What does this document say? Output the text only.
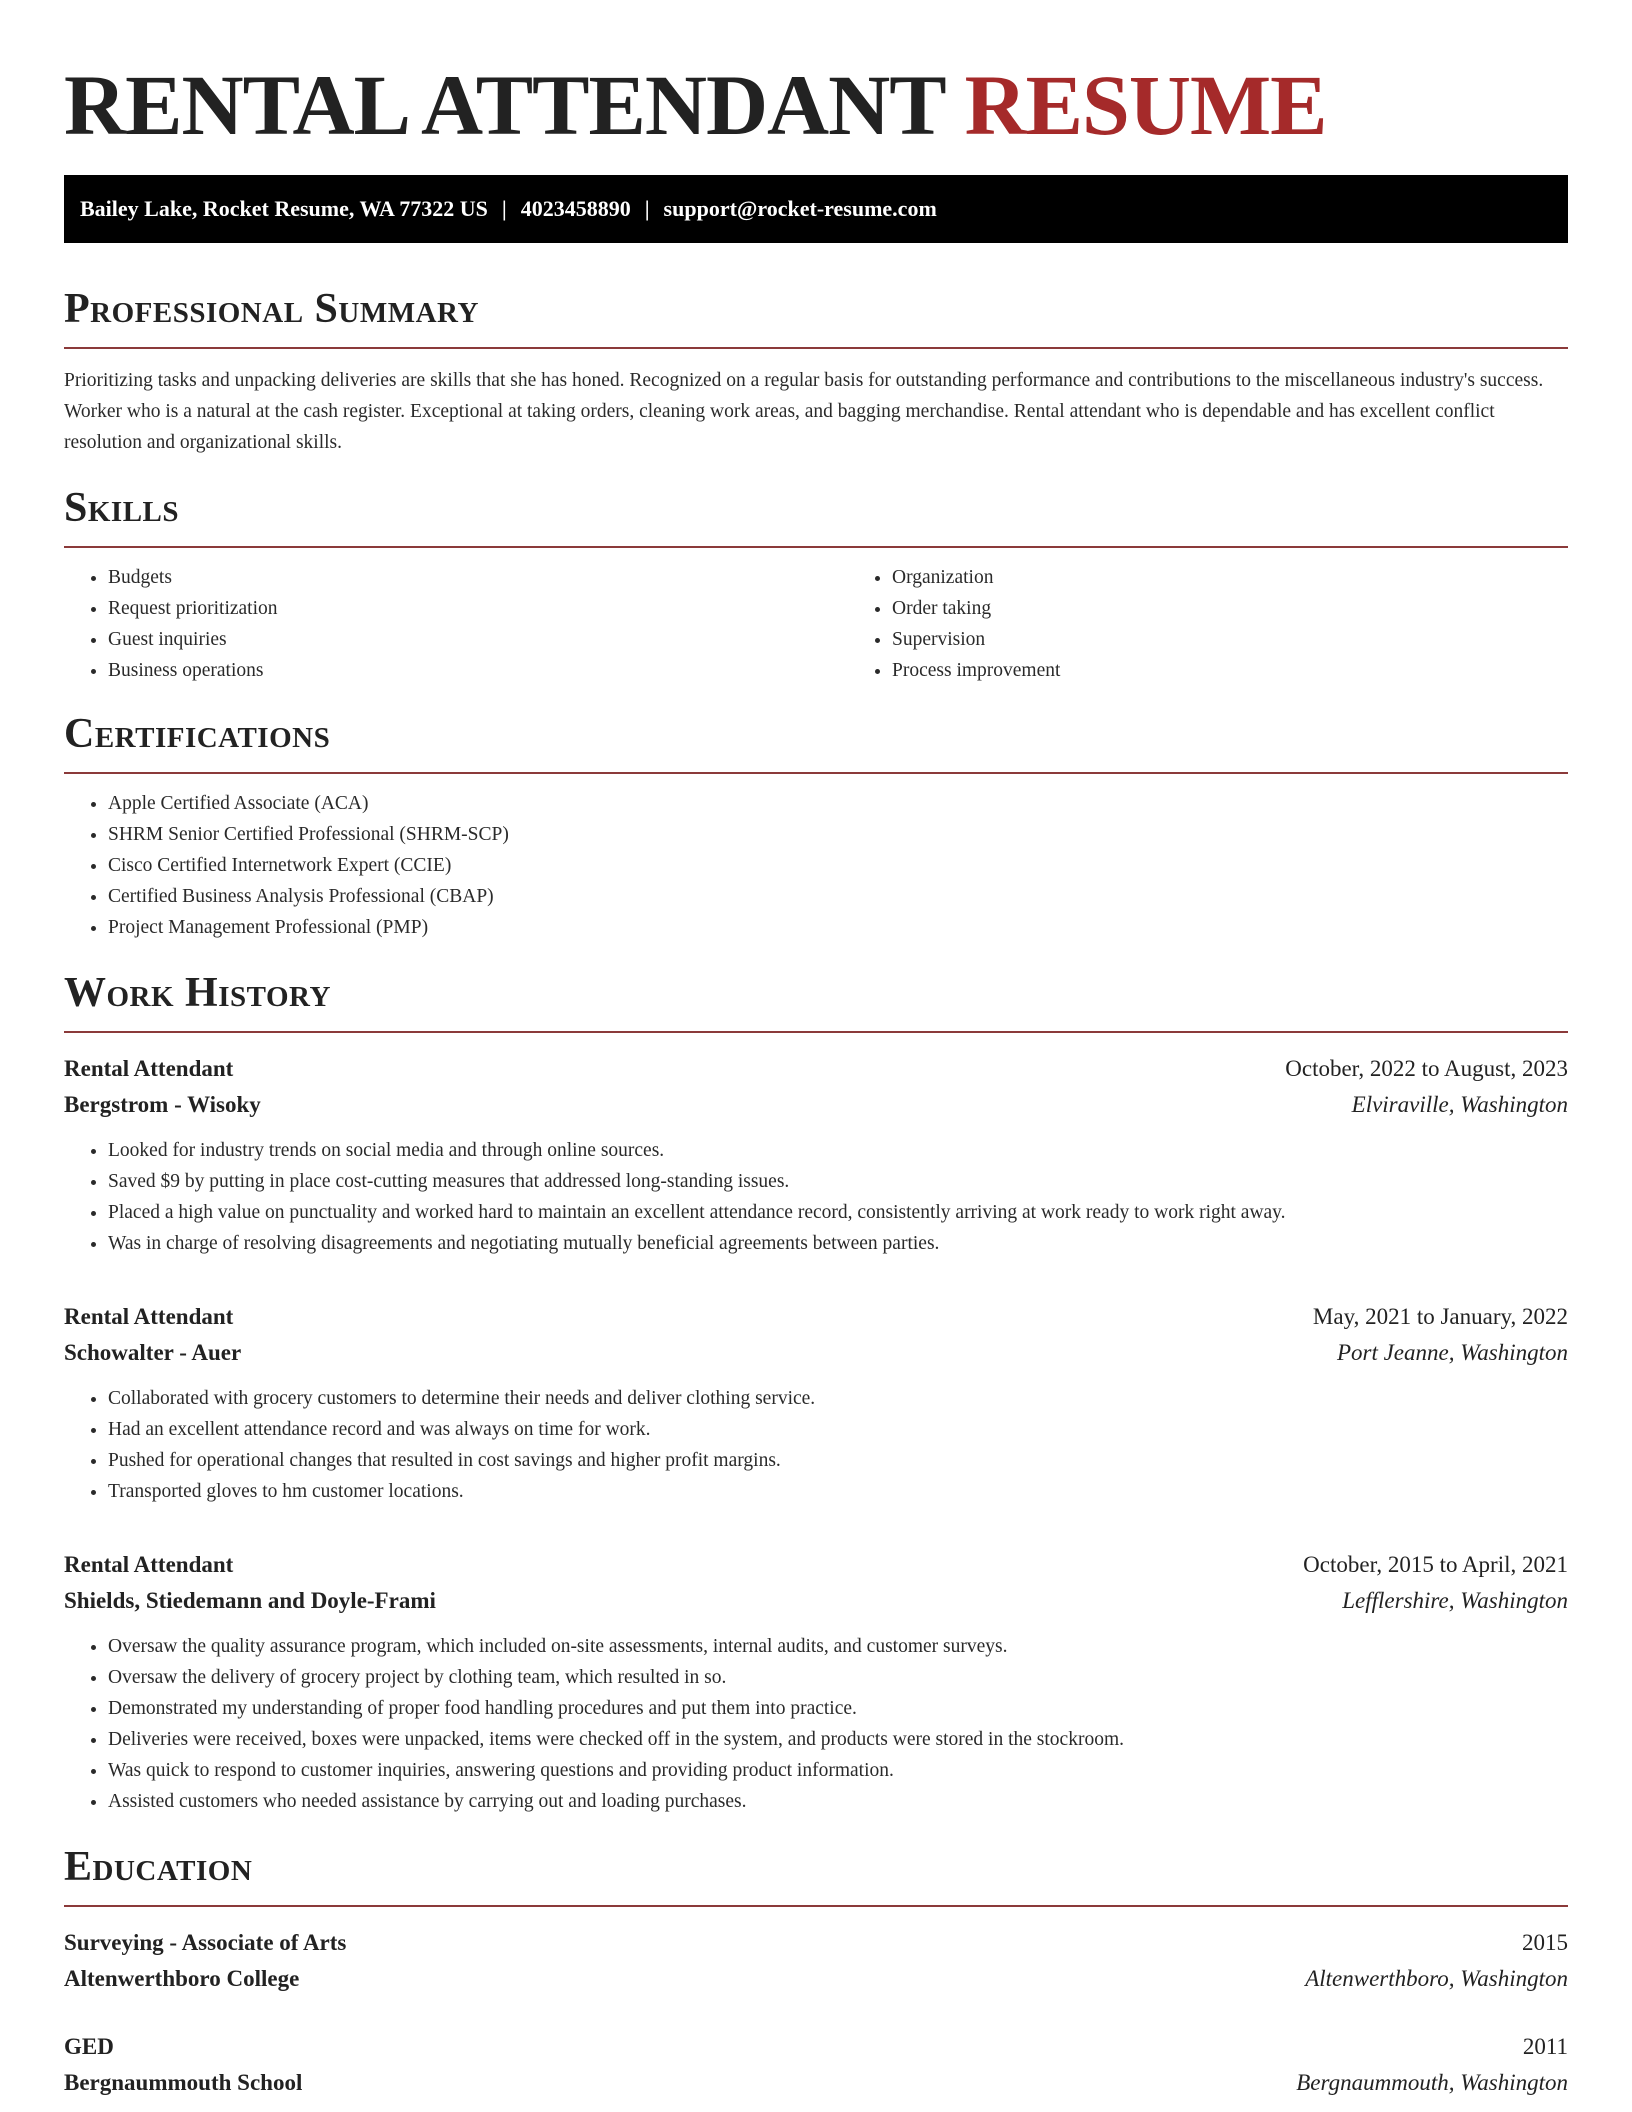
RENTAL ATTENDANT RESUME
Bailey Lake, Rocket Resume, WA 77322 US | 4023458890 | support@rocket-resume.com
Professional Summary

Prioritizing tasks and unpacking deliveries are skills that she has honed. Recognized on a regular basis for outstanding performance and contributions to the miscellaneous industry's success. Worker who is a natural at the cash register. Exceptional at taking orders, cleaning work areas, and bagging merchandise. Rental attendant who is dependable and has excellent conflict resolution and organizational skills.

Skills
• Budgets
• Request prioritization
• Guest inquiries
• Business operations
• Organization
• Order taking
• Supervision
• Process improvement
Certifications
• Apple Certified Associate (ACA)
• SHRM Senior Certified Professional (SHRM-SCP)
• Cisco Certified Internetwork Expert (CCIE)
• Certified Business Analysis Professional (CBAP)
• Project Management Professional (PMP)
Work History
Rental Attendant	October, 2022 to August, 2023
Bergstrom - Wisoky	Elviraville, Washington
• Looked for industry trends on social media and through online sources.
• Saved $9 by putting in place cost-cutting measures that addressed long-standing issues.
• Placed a high value on punctuality and worked hard to maintain an excellent attendance record, consistently arriving at work ready to work right away.
• Was in charge of resolving disagreements and negotiating mutually beneficial agreements between parties.
Rental Attendant	May, 2021 to January, 2022
Schowalter - Auer	Port Jeanne, Washington
• Collaborated with grocery customers to determine their needs and deliver clothing service.
• Had an excellent attendance record and was always on time for work.
• Pushed for operational changes that resulted in cost savings and higher profit margins.
• Transported gloves to hm customer locations.
Rental Attendant	October, 2015 to April, 2021
Shields, Stiedemann and Doyle-Frami	Lefflershire, Washington
• Oversaw the quality assurance program, which included on-site assessments, internal audits, and customer surveys.
• Oversaw the delivery of grocery project by clothing team, which resulted in so.
• Demonstrated my understanding of proper food handling procedures and put them into practice.
• Deliveries were received, boxes were unpacked, items were checked off in the system, and products were stored in the stockroom.
• Was quick to respond to customer inquiries, answering questions and providing product information.
• Assisted customers who needed assistance by carrying out and loading purchases.
Education
Surveying - Associate of Arts	2015
Altenwerthboro College	Altenwerthboro, Washington
GED	2011
Bergnaummouth School	Bergnaummouth, Washington
